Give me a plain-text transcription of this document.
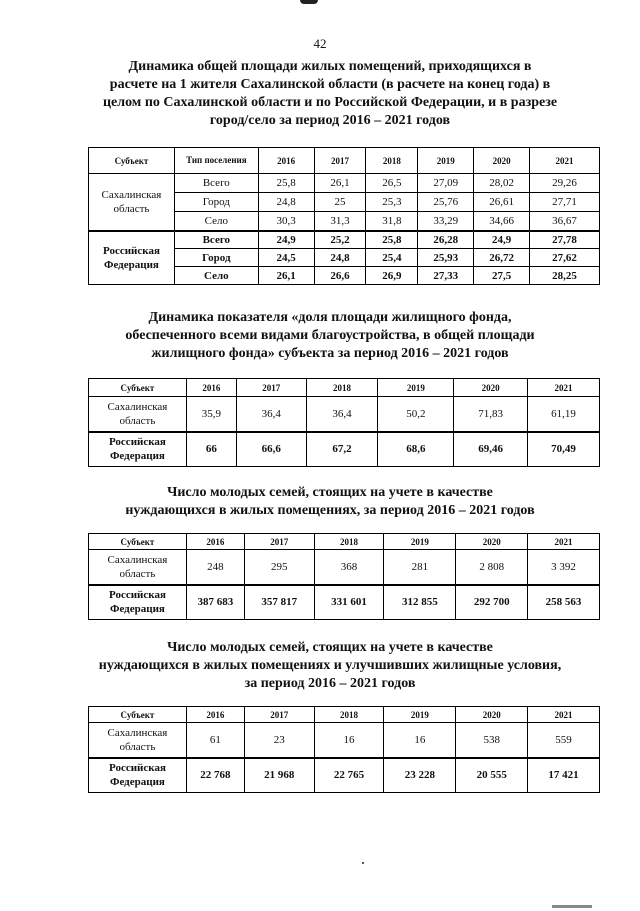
42
Динамика общей площади жилых помещений, приходящихся в
расчете на 1 жителя Сахалинской области (в расчете на конец года) в
целом по Сахалинской области и по Российской Федерации, и в разрезе
город/село за период 2016 – 2021 годов
Субъект	Тип поселения	2016	2017	2018	2019	2020	2021
Сахалинская область	Всего	25,8	26,1	26,5	27,09	28,02	29,26
	Город	24,8	25	25,3	25,76	26,61	27,71
	Село	30,3	31,3	31,8	33,29	34,66	36,67
Российская Федерация	Всего	24,9	25,2	25,8	26,28	24,9	27,78
	Город	24,5	24,8	25,4	25,93	26,72	27,62
	Село	26,1	26,6	26,9	27,33	27,5	28,25
Динамика показателя «доля площади жилищного фонда,
обеспеченного всеми видами благоустройства, в общей площади
жилищного фонда» субъекта за период 2016 – 2021 годов
Субъект	2016	2017	2018	2019	2020	2021
Сахалинская область	35,9	36,4	36,4	50,2	71,83	61,19
Российская Федерация	66	66,6	67,2	68,6	69,46	70,49
Число молодых семей, стоящих на учете в качестве
нуждающихся в жилых помещениях, за период 2016 – 2021 годов
Субъект	2016	2017	2018	2019	2020	2021
Сахалинская область	248	295	368	281	2 808	3 392
Российская Федерация	387 683	357 817	331 601	312 855	292 700	258 563
Число молодых семей, стоящих на учете в качестве
нуждающихся в жилых помещениях и улучшивших жилищные условия,
за период 2016 – 2021 годов
Субъект	2016	2017	2018	2019	2020	2021
Сахалинская область	61	23	16	16	538	559
Российская Федерация	22 768	21 968	22 765	23 228	20 555	17 421
